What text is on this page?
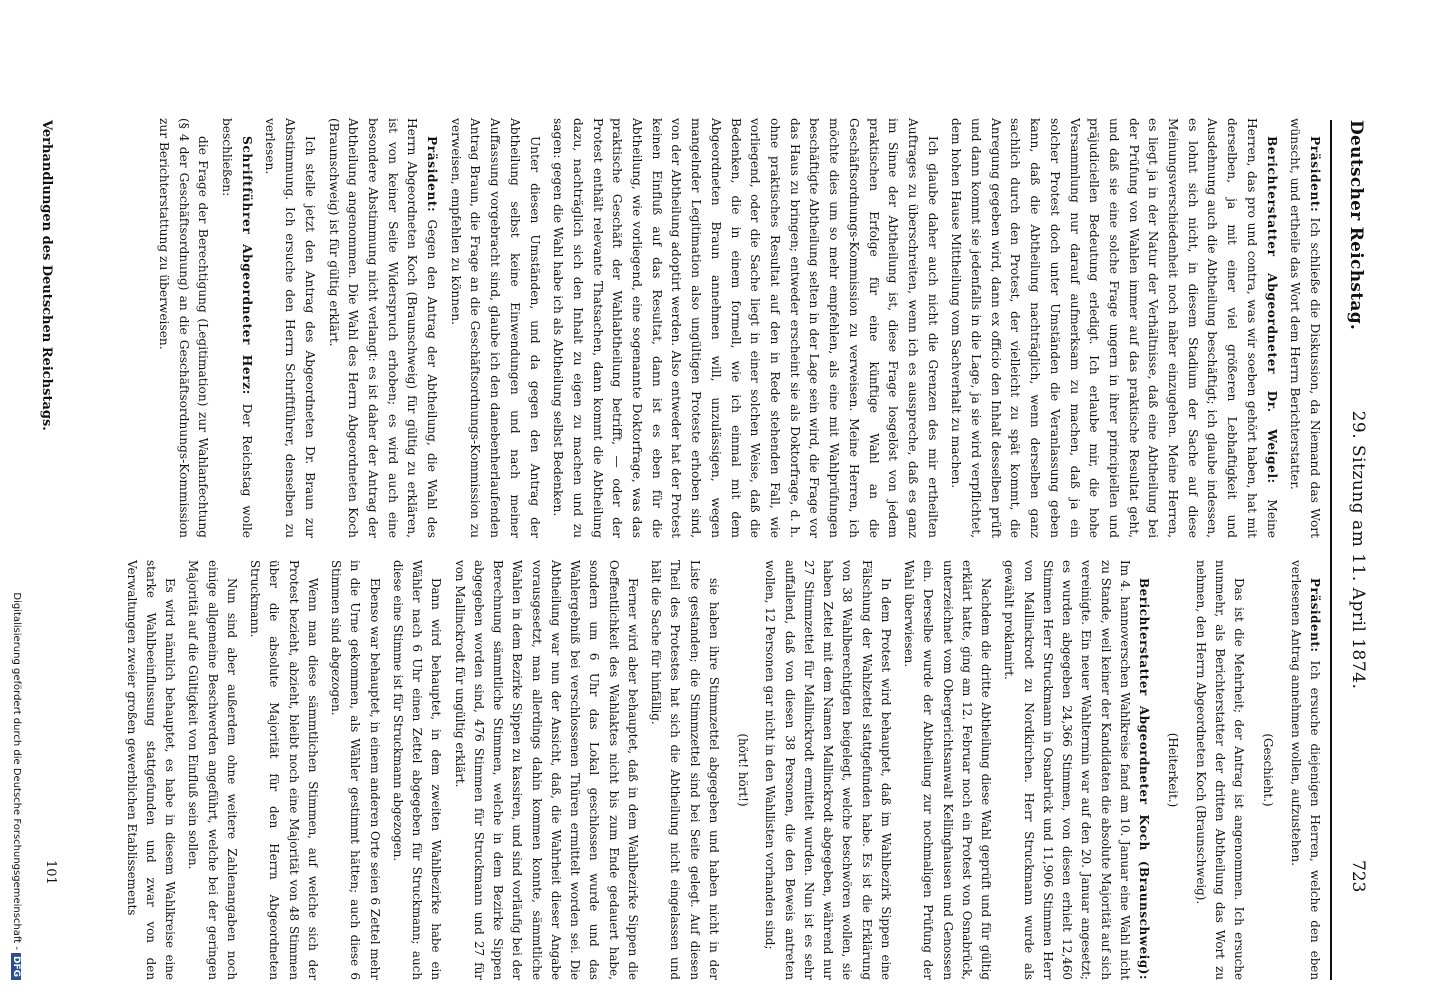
Deutscher Reichstag.
29. Sitzung am 11. April 1874.
723

Präsident: Ich schließe die Diskussion, da Niemand das Wort wünscht, und ertheile das Wort dem Herrn Berichterstatter.

Berichterstatter Abgeordneter Dr. Weigel: Meine Herren, das pro und contra, was wir soeben gehört haben, hat mit derselben, ja mit einer viel größeren Lebhaftigkeit und Ausdehnung auch die Abtheilung beschäftigt; ich glaube indessen, es lohnt sich nicht, in diesem Stadium der Sache auf diese Meinungsverschiedenheit noch näher einzugehen. Meine Herren, es liegt ja in der Natur der Verhältnisse, daß eine Abtheilung bei der Prüfung von Wahlen immer auf das praktische Resultat geht, und daß sie eine solche Frage ungern in ihrer principiellen und präjudiciellen Bedeutung erledigt. Ich erlaube mir, die hohe Versammlung nur darauf aufmerksam zu machen, daß ja ein solcher Protest doch unter Umständen die Veranlassung geben kann, daß die Abtheilung nachträglich, wenn derselben ganz sachlich durch den Protest, der vielleicht zu spät kommt, die Anregung gegeben wird, dann ex officio den Inhalt desselben prüft und dann kommt sie jedenfalls in die Lage, ja sie wird verpflichtet, dem hohen Hause Mittheilung vom Sachverhalt zu machen.

Ich glaube daher auch nicht die Grenzen des mir ertheilten Auftrages zu überschreiten, wenn ich es ausspreche, daß es ganz im Sinne der Abtheilung ist, diese Frage losgelöst von jedem praktischen Erfolge für eine künftige Wahl an die Geschäftsordnungs-Kommission zu verweisen. Meine Herren, ich möchte dies um so mehr empfehlen, als eine mit Wahlprüfungen beschäftigte Abtheilung selten in der Lage sein wird, die Frage vor das Haus zu bringen; entweder erscheint sie als Doktorfrage, d. h. ohne praktisches Resultat auf den in Rede stehenden Fall, wie vorliegend, oder die Sache liegt in einer solchen Weise, daß die Bedenken, die in einem formell, wie ich einmal mit dem Abgeordneten Braun annehmen will, unzulässigen, wegen mangelnder Legitimation also ungültigen Proteste erhoben sind, von der Abtheilung adoptirt werden. Also entweder hat der Protest keinen Einfluß auf das Resultat, dann ist es eben für die Abtheilung, wie vorliegend, eine sogenannte Doktorfrage, was das praktische Geschäft der Wahlabtheilung betrifft, — oder der Protest enthält relevante Thatsachen, dann kommt die Abtheilung dazu, nachträglich sich den Inhalt zu eigen zu machen und zu sagen: gegen die Wahl habe ich als Abtheilung selbst Bedenken.

Unter diesen Umständen, und da gegen den Antrag der Abtheilung selbst keine Einwendungen und nach meiner Auffassung vorgebracht sind, glaube ich den danebenherlaufenden Antrag Braun, die Frage an die Geschäftsordnungs-Kommission zu verweisen, empfehlen zu können.

Präsident: Gegen den Antrag der Abtheilung, die Wahl des Herrn Abgeordneten Koch (Braunschweig) für gültig zu erklären, ist von keiner Seite Widerspruch erhoben; es wird auch eine besondere Abstimmung nicht verlangt: es ist daher der Antrag der Abtheilung angenommen. Die Wahl des Herrn Abgeordneten Koch (Braunschweig) ist für gültig erklärt.

Ich stelle jetzt den Antrag des Abgeordneten Dr. Braun zur Abstimmung. Ich ersuche den Herrn Schriftführer, denselben zu verlesen.

Schriftführer Abgeordneter Herz: Der Reichstag wolle beschließen:

die Frage der Berechtigung (Legitimation) zur Wahlanfechtung (§ 4 der Geschäftsordnung) an die Geschäftsordnungs-Kommission zur Berichterstattung zu überweisen.

Präsident: Ich ersuche diejenigen Herren, welche den eben verlesenen Antrag annehmen wollen, aufzustehen.

(Geschieht.)

Das ist die Mehrheit; der Antrag ist angenommen. Ich ersuche nunmehr, als Berichterstatter der dritten Abtheilung das Wort zu nehmen, den Herrn Abgeordneten Koch (Braunschweig).

(Heiterkeit.)

Berichterstatter Abgeordneter Koch (Braunschweig): Im 4. hannoverschen Wahlkreise fand am 10. Januar eine Wahl nicht zu Stande, weil keiner der Kandidaten die absolute Majorität auf sich vereinigte. Ein neuer Wahltermin war auf den 20. Januar angesetzt; es wurden abgegeben 24,366 Stimmen, von diesen erhielt 12,460 Stimmen Herr Struckmann in Osnabrück und 11,906 Stimmen Herr von Mallinckrodt zu Nordkirchen. Herr Struckmann wurde als gewählt proklamirt.

Nachdem die dritte Abtheilung diese Wahl geprüft und für gültig erklärt hatte, ging am 12. Februar noch ein Protest von Osnabrück, unterzeichnet vom Obergerichtsanwalt Kellinghausen und Genossen ein. Derselbe wurde der Abtheilung zur nochmaligen Prüfung der Wahl überwiesen.

In dem Protest wird behauptet, daß im Wahlbezirk Sippen eine Fälschung der Wahlzettel stattgefunden habe. Es ist die Erklärung von 38 Wahlberechtigten beigelegt, welche beschwören wollen, sie haben Zettel mit dem Namen Mallinckrodt abgegeben, während nur 27 Stimmzettel für Mallinckrodt ermittelt wurden. Nun ist es sehr auffallend, daß von diesen 38 Personen, die den Beweis antreten wollen, 12 Personen gar nicht in den Wahllisten vorhanden sind;

(hört! hört!)

sie haben ihre Stimmzettel abgegeben und haben nicht in der Liste gestanden; die Stimmzettel sind bei Seite gelegt. Auf diesen Theil des Protestes hat sich die Abtheilung nicht eingelassen und hält die Sache für hinfällig.

Ferner wird aber behauptet, daß in dem Wahlbezirke Sippen die Oeffentlichkeit des Wahlaktes nicht bis zum Ende gedauert habe, sondern um 6 Uhr das Lokal geschlossen wurde und das Wahlergebniß bei verschlossenen Thüren ermittelt worden sei. Die Abtheilung war nun der Ansicht, daß, die Wahrheit dieser Angabe vorausgesetzt, man allerdings dahin kommen konnte, sämmtliche Wahlen in dem Bezirke Sippen zu kassiren, und sind vorläufig bei der Berechnung sämmtliche Stimmen, welche in dem Bezirke Sippen abgegeben worden sind, 476 Stimmen für Struckmann und 27 für von Mallinckrodt für ungültig erklärt.

Dann wird behauptet, in dem zweiten Wahlbezirke habe ein Wähler nach 6 Uhr einen Zettel abgegeben für Struckmann; auch diese eine Stimme ist für Struckmann abgezogen.

Ebenso war behauptet, in einem anderen Orte seien 6 Zettel mehr in die Urne gekommen, als Wähler gestimmt hätten; auch diese 6 Stimmen sind abgezogen.

Wenn man diese sämmtlichen Stimmen, auf welche sich der Protest bezieht, abzieht, bleibt noch eine Majorität von 48 Stimmen über die absolute Majorität für den Herrn Abgeordneten Struckmann.

Nun sind aber außerdem ohne weitere Zahlenangaben noch einige allgemeine Beschwerden angeführt, welche bei der geringen Majorität auf die Gültigkeit von Einfluß sein sollen.

Es wird nämlich behauptet, es habe in diesem Wahlkreise eine starke Wahlbeeinflussung stattgefunden und zwar von den Verwaltungen zweier großen gewerblichen Etablissements

Verhandlungen des Deutschen Reichstags.
101
Digitalisierung gefördert durch die Deutsche Forschungsgemeinschaft -DFG
